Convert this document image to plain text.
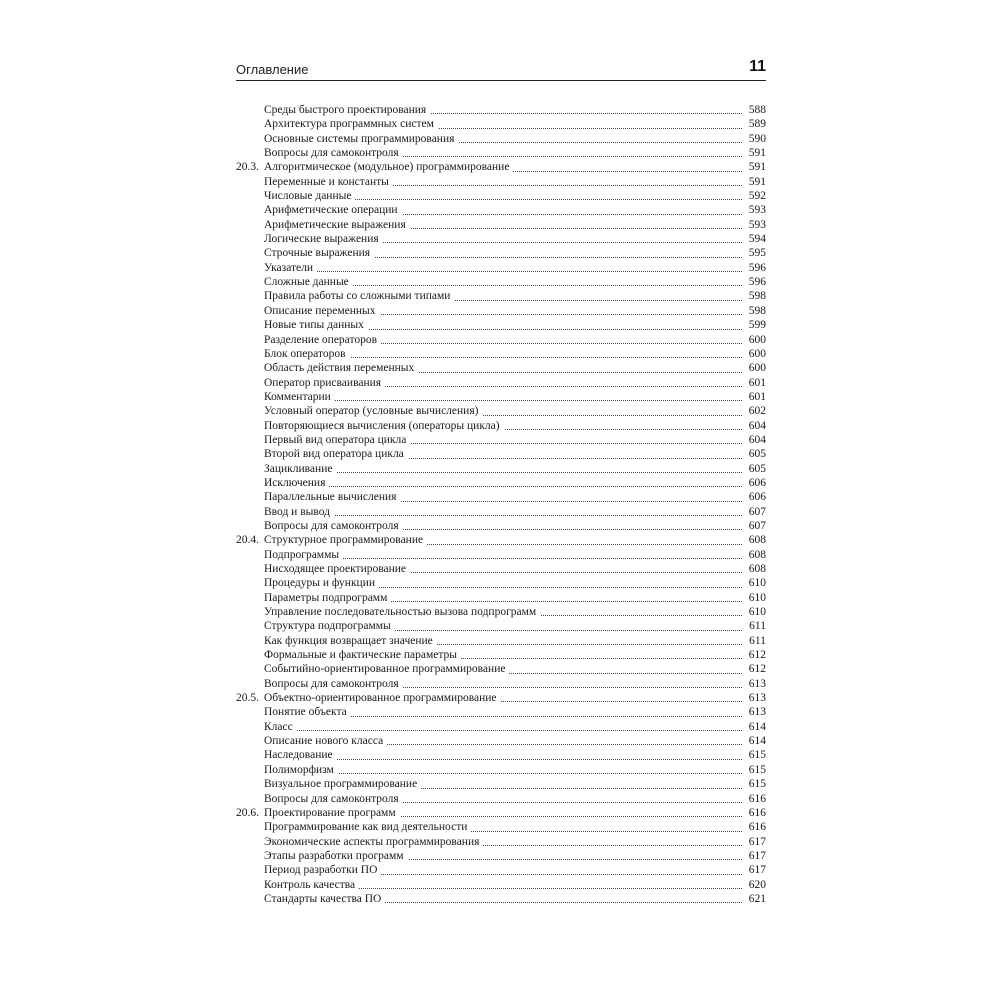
Оглавление	11
Среды быстрого проектирования	588
Архитектура программных систем	589
Основные системы программирования	590
Вопросы для самоконтроля	591
20.3. Алгоритмическое (модульное) программирование	591
Переменные и константы	591
Числовые данные	592
Арифметические операции	593
Арифметические выражения	593
Логические выражения	594
Строчные выражения	595
Указатели	596
Сложные данные	596
Правила работы со сложными типами	598
Описание переменных	598
Новые типы данных	599
Разделение операторов	600
Блок операторов	600
Область действия переменных	600
Оператор присваивания	601
Комментарии	601
Условный оператор (условные вычисления)	602
Повторяющиеся вычисления (операторы цикла)	604
Первый вид оператора цикла	604
Второй вид оператора цикла	605
Зацикливание	605
Исключения	606
Параллельные вычисления	606
Ввод и вывод	607
Вопросы для самоконтроля	607
20.4. Структурное программирование	608
Подпрограммы	608
Нисходящее проектирование	608
Процедуры и функции	610
Параметры подпрограмм	610
Управление последовательностью вызова подпрограмм	610
Структура подпрограммы	611
Как функция возвращает значение	611
Формальные и фактические параметры	612
Событийно-ориентированное программирование	612
Вопросы для самоконтроля	613
20.5. Объектно-ориентированное программирование	613
Понятие объекта	613
Класс	614
Описание нового класса	614
Наследование	615
Полиморфизм	615
Визуальное программирование	615
Вопросы для самоконтроля	616
20.6. Проектирование программ	616
Программирование как вид деятельности	616
Экономические аспекты программирования	617
Этапы разработки программ	617
Период разработки ПО	617
Контроль качества	620
Стандарты качества ПО	621
